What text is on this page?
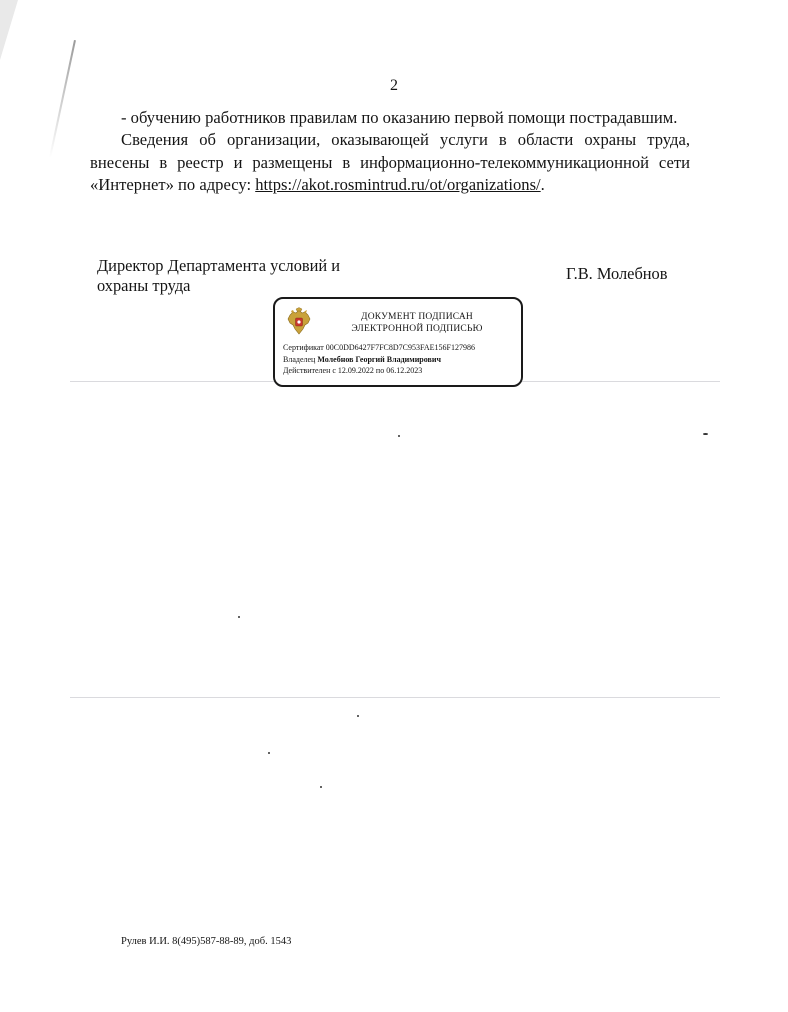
2
- обучению работников правилам по оказанию первой помощи пострадавшим.
Сведения об организации, оказывающей услуги в области охраны труда, внесены в реестр и размещены в информационно-телекоммуникационной сети «Интернет» по адресу: https://akot.rosmintrud.ru/ot/organizations/.
Директор Департамента условий и
охраны труда
Г.В. Молебнов
ДОКУМЕНТ ПОДПИСАН
ЭЛЕКТРОННОЙ ПОДПИСЬЮ
Сертификат 00C0DD6427F7FC8D7C953FAE156F127986
Владелец Молебнов Георгий Владимирович
Действителен с 12.09.2022 по 06.12.2023
Рулев И.И. 8(495)587-88-89, доб. 1543
